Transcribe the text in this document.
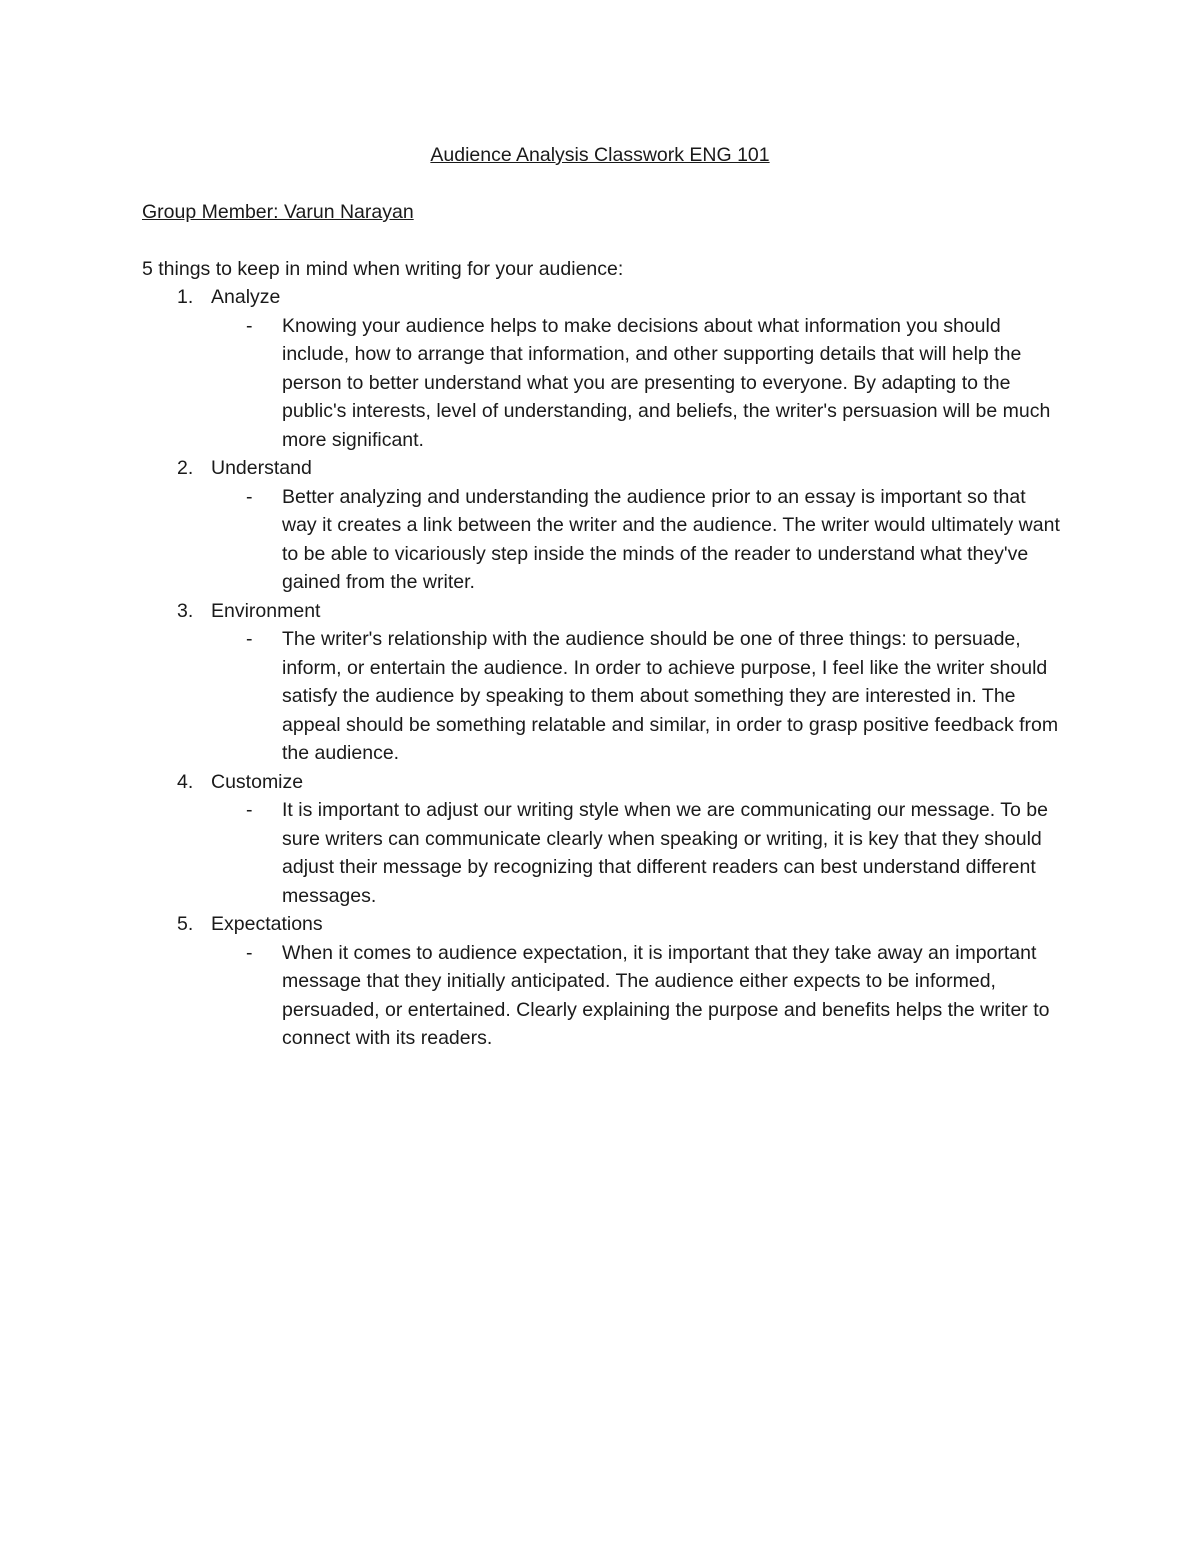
Audience Analysis Classwork ENG 101

Group Member: Varun Narayan

5 things to keep in mind when writing for your audience:

1. Analyze
-	Knowing your audience helps to make decisions about what information you should include, how to arrange that information, and other supporting details that will help the person to better understand what you are presenting to everyone. By adapting to the public's interests, level of understanding, and beliefs, the writer's persuasion will be much more significant.
2. Understand
-	Better analyzing and understanding the audience prior to an essay is important so that way it creates a link between the writer and the audience. The writer would ultimately want to be able to vicariously step inside the minds of the reader to understand what they've gained from the writer.
3. Environment
-	The writer's relationship with the audience should be one of three things: to persuade, inform, or entertain the audience. In order to achieve purpose, I feel like the writer should satisfy the audience by speaking to them about something they are interested in. The appeal should be something relatable and similar, in order to grasp positive feedback from the audience.
4. Customize
-	It is important to adjust our writing style when we are communicating our message. To be sure writers can communicate clearly when speaking or writing, it is key that they should adjust their message by recognizing that different readers can best understand different messages.
5. Expectations
-	When it comes to audience expectation, it is important that they take away an important message that they initially anticipated. The audience either expects to be informed, persuaded, or entertained. Clearly explaining the purpose and benefits helps the writer to connect with its readers.
